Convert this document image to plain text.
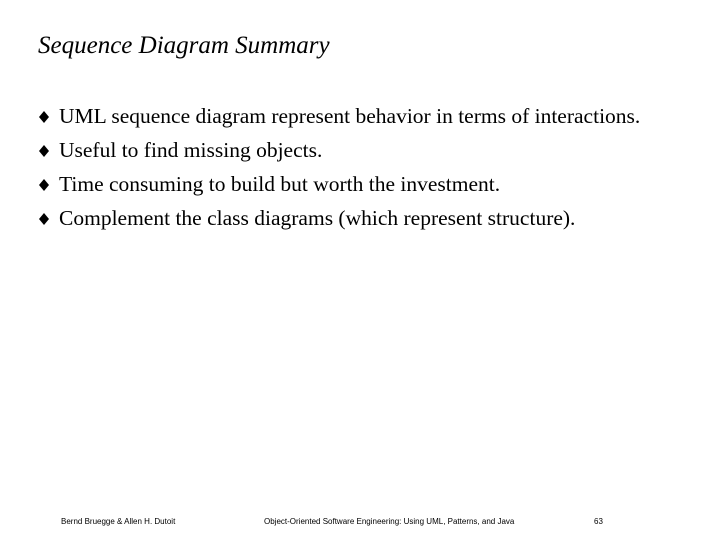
Sequence Diagram Summary
UML sequence diagram represent behavior in terms of interactions.
Useful to find missing objects.
Time consuming to build but worth the investment.
Complement the class diagrams (which represent structure).
Bernd Bruegge & Allen H. Dutoit	Object-Oriented Software Engineering: Using UML, Patterns, and Java	63
